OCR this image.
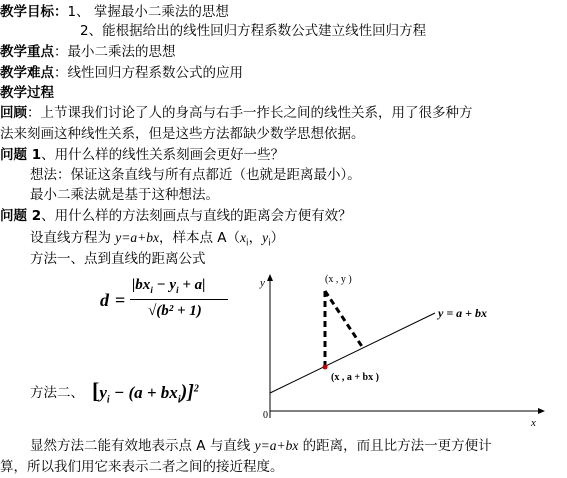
教学目标：1、 掌握最小二乘法的思想
2、能根据给出的线性回归方程系数公式建立线性回归方程
教学重点：最小二乘法的思想
教学难点：线性回归方程系数公式的应用
教学过程
回顾：上节课我们讨论了人的身高与右手一拃长之间的线性关系，用了很多种方
法来刻画这种线性关系，但是这些方法都缺少数学思想依据。
问题 1、用什么样的线性关系刻画会更好一些？
想法：保证这条直线与所有点都近（也就是距离最小）。
最小二乘法就是基于这种想法。
问题 2、用什么样的方法刻画点与直线的距离会方便有效？
设直线方程为 y=a+bx，样本点 $A(x_i$，$y_i$）
方法一、点到直线的距离公式
d =
$|bx_i - y_i + a|$
√(b² + 1)
方法二、 $[y_i - (a + bx_i)]^2$
y
x
0
(x , y )
(x , a + bx )
y = a + bx
显然方法二能有效地表示点 A 与直线 y=a+bx 的距离，而且比方法一更方便计
算，所以我们用它来表示二者之间的接近程度。
